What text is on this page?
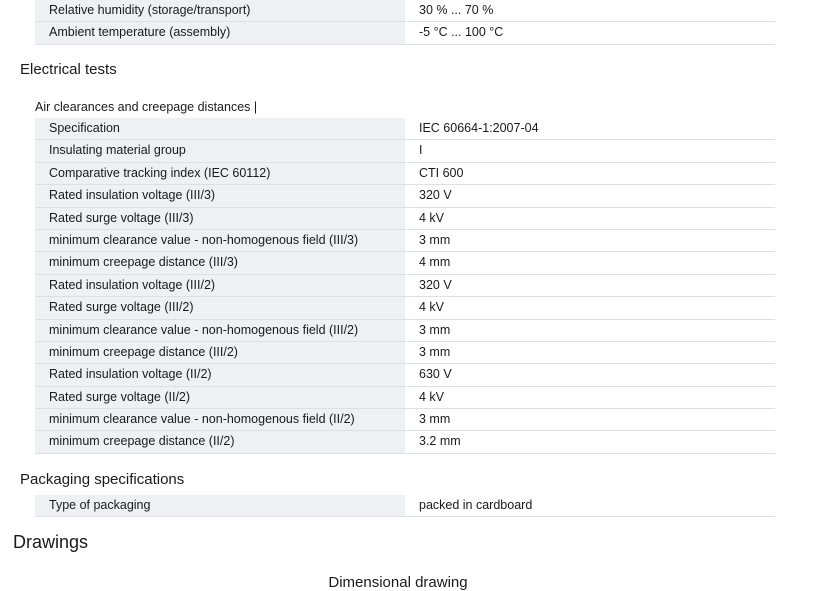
Relative humidity (storage/transport)	30 % ... 70 %
Ambient temperature (assembly)	-5 °C ... 100 °C
Electrical tests
Air clearances and creepage distances |
Specification	IEC 60664-1:2007-04
Insulating material group	I
Comparative tracking index (IEC 60112)	CTI 600
Rated insulation voltage (III/3)	320 V
Rated surge voltage (III/3)	4 kV
minimum clearance value - non-homogenous field (III/3)	3 mm
minimum creepage distance (III/3)	4 mm
Rated insulation voltage (III/2)	320 V
Rated surge voltage (III/2)	4 kV
minimum clearance value - non-homogenous field (III/2)	3 mm
minimum creepage distance (III/2)	3 mm
Rated insulation voltage (II/2)	630 V
Rated surge voltage (II/2)	4 kV
minimum clearance value - non-homogenous field (II/2)	3 mm
minimum creepage distance (II/2)	3.2 mm
Packaging specifications
Type of packaging	packed in cardboard
Drawings
Dimensional drawing
